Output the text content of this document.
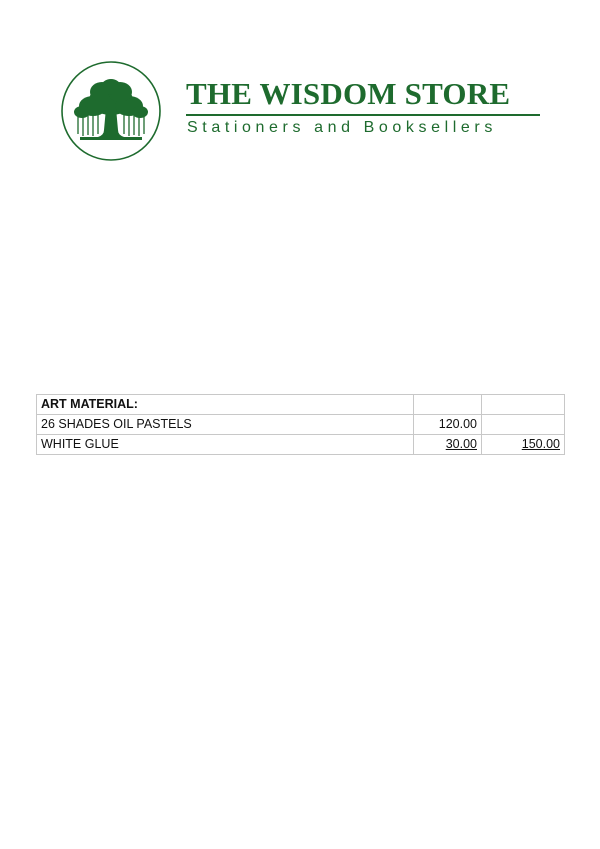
THE WISDOM STORE
Stationers and Booksellers
ART MATERIAL:		
26 SHADES OIL PASTELS	120.00	
WHITE GLUE	30.00	150.00
